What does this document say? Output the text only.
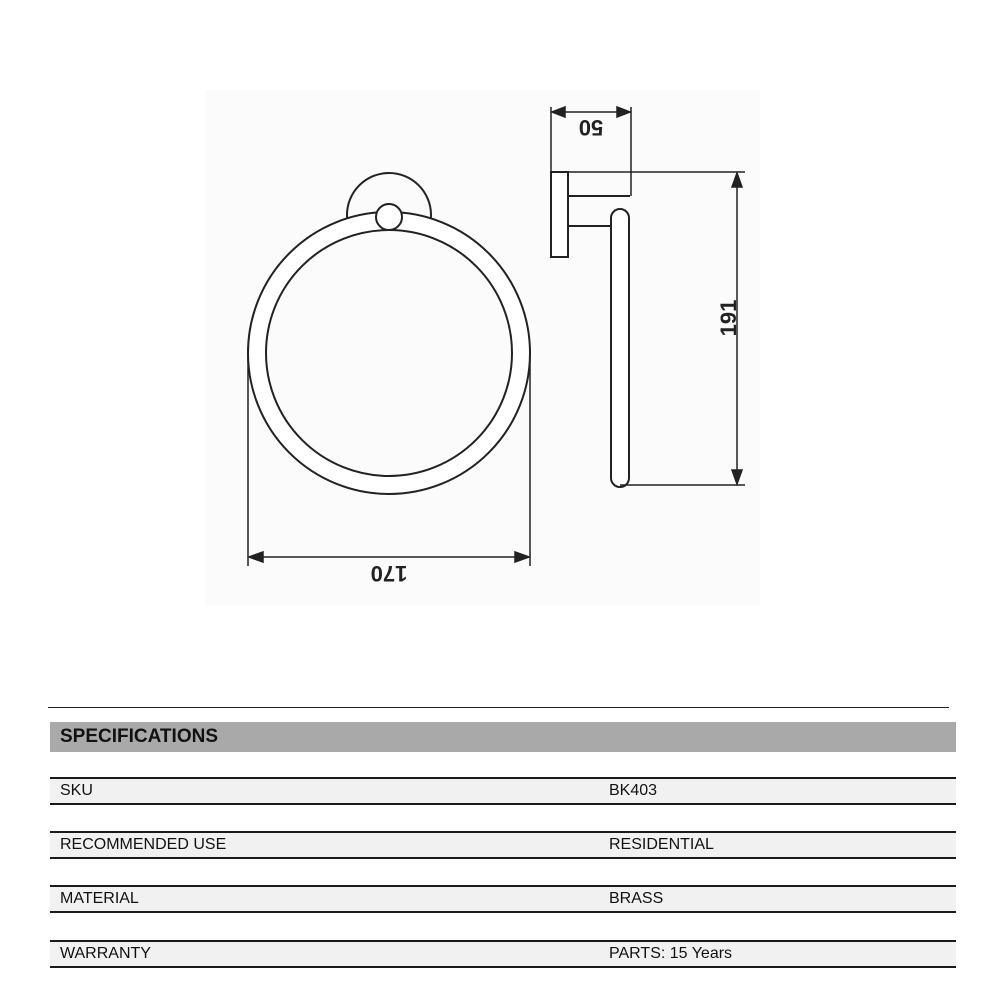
170
50
191
SPECIFICATIONS
SKU	BK403
RECOMMENDED USE	RESIDENTIAL
MATERIAL	BRASS
WARRANTY	PARTS: 15 Years
